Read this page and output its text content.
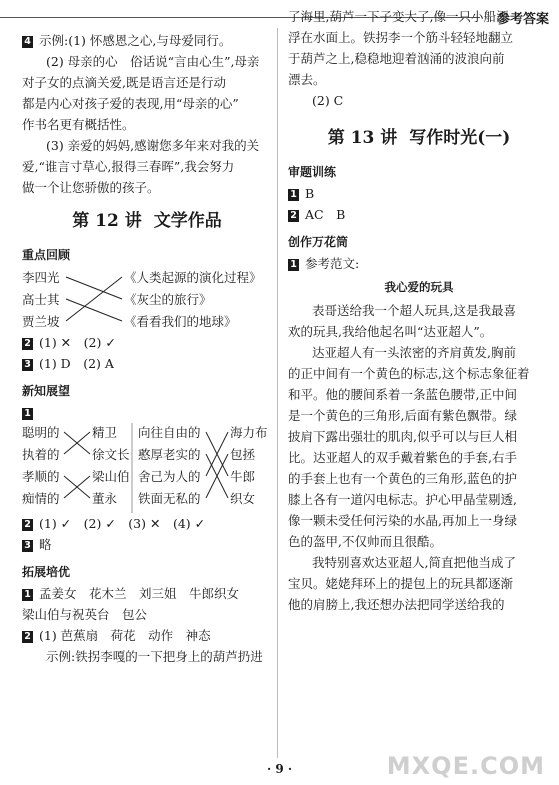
参考答案
4 示例:(1) 怀感恩之心,与母爱同行。
(2) 母亲的心　俗话说“言由心生”,母亲
对子女的点滴关爱,既是语言还是行动
都是内心对孩子爱的表现,用“母亲的心”
作书名更有概括性。
(3) 亲爱的妈妈,感谢您多年来对我的关
爱,“谁言寸草心,报得三春晖”,我会努力
做一个让您骄傲的孩子。
第 12 讲 文学作品
重点回顾
李四光
高士其
贾兰坡
《人类起源的演化过程》
《灰尘的旅行》
《看看我们的地球》
2 (1) ✕　(2) ✓
3 (1) D　(2) A
新知展望
1
聪明的
执着的
孝顺的
痴情的
精卫
徐文长
梁山伯
董永
向往自由的
憨厚老实的
舍己为人的
铁面无私的
海力布
包拯
牛郎
织女
2 (1) ✓　(2) ✓　(3) ✕　(4) ✓
3 略
拓展培优
1 孟姜女　花木兰　刘三姐　牛郎织女
梁山伯与祝英台　包公
2 (1) 芭蕉扇　荷花　动作　神态
示例:铁拐李嘎的一下把身上的葫芦扔进
了海里,葫芦一下子变大了,像一只小船漂
浮在水面上。铁拐李一个筋斗轻轻地翻立
于葫芦之上,稳稳地迎着汹涌的波浪向前
漂去。
(2) C
第 13 讲 写作时光(一)
审题训练
1 B
2 AC　B
创作万花筒
1 参考范文:
我心爱的玩具
表哥送给我一个超人玩具,这是我最喜
欢的玩具,我给他起名叫“达亚超人”。
达亚超人有一头浓密的齐肩黄发,胸前
的正中间有一个黄色的标志,这个标志象征着
和平。他的腰间系着一条蓝色腰带,正中间
是一个黄色的三角形,后面有紫色飘带。绿
披肩下露出强壮的肌肉,似乎可以与巨人相
比。达亚超人的双手戴着紫色的手套,右手
的手套上也有一个黄色的三角形,蓝色的护
膝上各有一道闪电标志。护心甲晶莹剔透,
像一颗未受任何污染的水晶,再加上一身绿
色的盔甲,不仅帅而且很酷。
我特别喜欢达亚超人,简直把他当成了
宝贝。姥姥拜环上的提包上的玩具都逐渐
他的肩膀上,我还想办法把同学送给我的
· 9 ·	MXQE.COM
